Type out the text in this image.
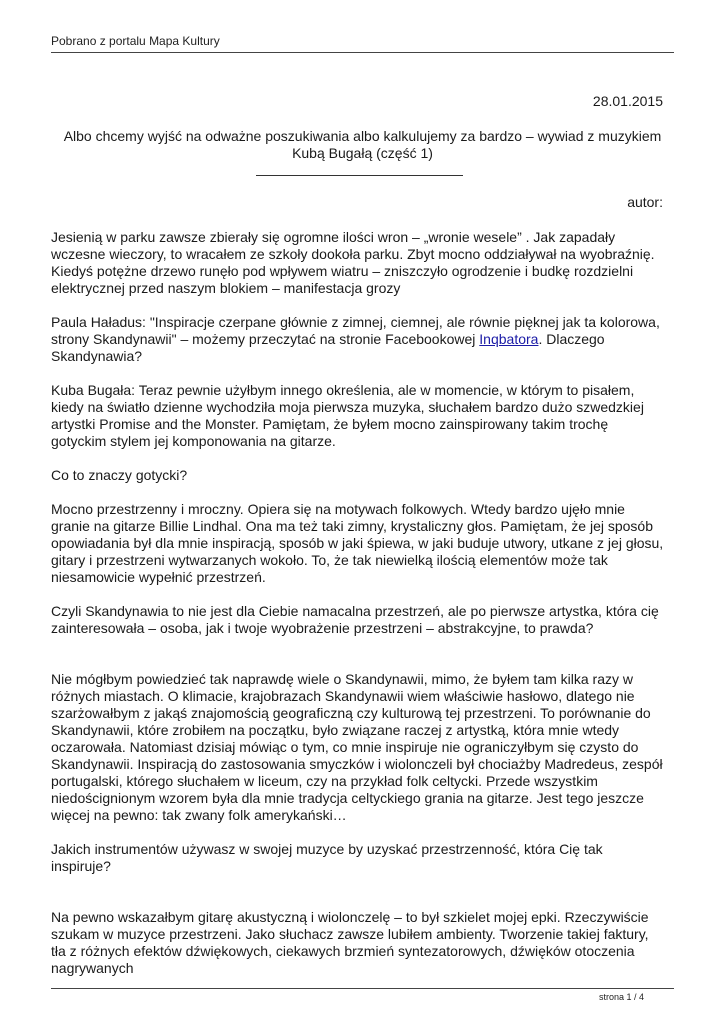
Pobrano z portalu Mapa Kultury
28.01.2015
Albo chcemy wyjść na odważne poszukiwania albo kalkulujemy za bardzo – wywiad z muzykiem Kubą Bugałą (część 1)
autor:

Jesienią w parku zawsze zbierały się ogromne ilości wron – „wronie wesele” . Jak zapadały wczesne wieczory, to wracałem ze szkoły dookoła parku. Zbyt mocno oddziaływał na wyobraźnię. Kiedyś potężne drzewo runęło pod wpływem wiatru – zniszczyło ogrodzenie i budkę rozdzielni elektrycznej przed naszym blokiem – manifestacja grozy

Paula Haładus: "Inspiracje czerpane głównie z zimnej, ciemnej, ale równie pięknej jak ta kolorowa, strony Skandynawii" – możemy przeczytać na stronie Facebookowej Inqbatora. Dlaczego Skandynawia?

Kuba Bugała: Teraz pewnie użyłbym innego określenia, ale w momencie, w którym to pisałem, kiedy na światło dzienne wychodziła moja pierwsza muzyka, słuchałem bardzo dużo szwedzkiej artystki Promise and the Monster. Pamiętam, że byłem mocno zainspirowany takim trochę gotyckim stylem jej komponowania na gitarze.

Co to znaczy gotycki?

Mocno przestrzenny i mroczny. Opiera się na motywach folkowych. Wtedy bardzo ujęło mnie granie na gitarze Billie Lindhal. Ona ma też taki zimny, krystaliczny głos. Pamiętam, że jej sposób opowiadania był dla mnie inspiracją, sposób w jaki śpiewa, w jaki buduje utwory, utkane z jej głosu, gitary i przestrzeni wytwarzanych wokoło. To, że tak niewielką ilością elementów może tak niesamowicie wypełnić przestrzeń.

Czyli Skandynawia to nie jest dla Ciebie namacalna przestrzeń, ale po pierwsze artystka, która cię zainteresowała – osoba, jak i twoje wyobrażenie przestrzeni – abstrakcyjne, to prawda?

Nie mógłbym powiedzieć tak naprawdę wiele o Skandynawii, mimo, że byłem tam kilka razy w różnych miastach. O klimacie, krajobrazach Skandynawii wiem właściwie hasłowo, dlatego nie szarżowałbym z jakąś znajomością geograficzną czy kulturową tej przestrzeni. To porównanie do Skandynawii, które zrobiłem na początku, było związane raczej z artystką, która mnie wtedy oczarowała. Natomiast dzisiaj mówiąc o tym, co mnie inspiruje nie ograniczyłbym się czysto do Skandynawii. Inspiracją do zastosowania smyczków i wiolonczeli był chociażby Madredeus, zespół portugalski, którego słuchałem w liceum, czy na przykład folk celtycki. Przede wszystkim niedoścignionym wzorem była dla mnie tradycja celtyckiego grania na gitarze. Jest tego jeszcze więcej na pewno: tak zwany folk amerykański…

Jakich instrumentów używasz w swojej muzyce by uzyskać przestrzenność, która Cię tak inspiruje?

Na pewno wskazałbym gitarę akustyczną i wiolonczelę – to był szkielet mojej epki. Rzeczywiście szukam w muzyce przestrzeni. Jako słuchacz zawsze lubiłem ambienty. Tworzenie takiej faktury, tła z różnych efektów dźwiękowych, ciekawych brzmień syntezatorowych, dźwięków otoczenia nagrywanych

strona 1 / 4
